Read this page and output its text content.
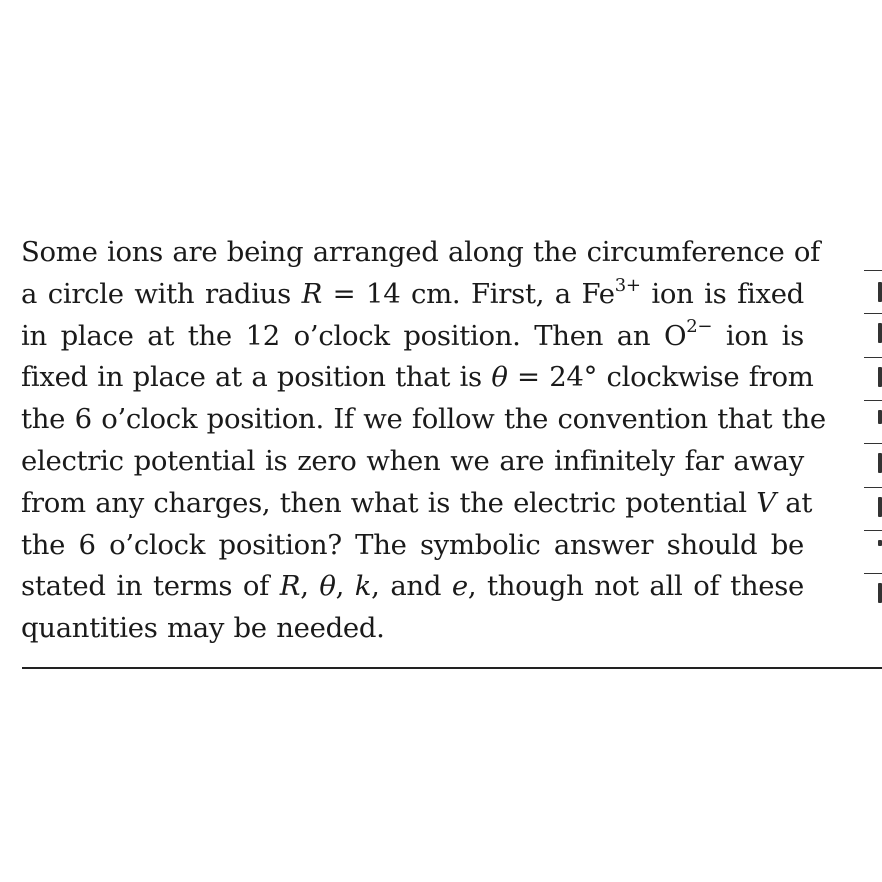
Some ions are being arranged along the circumference of
a circle with radius R = 14 cm. First, a $Fe^{3+}$ ion is fixed
in place at the 12 o’clock position. Then an $O^{2-}$ ion is
fixed in place at a position that is θ = 24° clockwise from
the 6 o’clock position. If we follow the convention that the
electric potential is zero when we are infinitely far away
from any charges, then what is the electric potential V at
the 6 o’clock position? The symbolic answer should be
stated in terms of R, θ, k, and e, though not all of these
quantities may be needed.
